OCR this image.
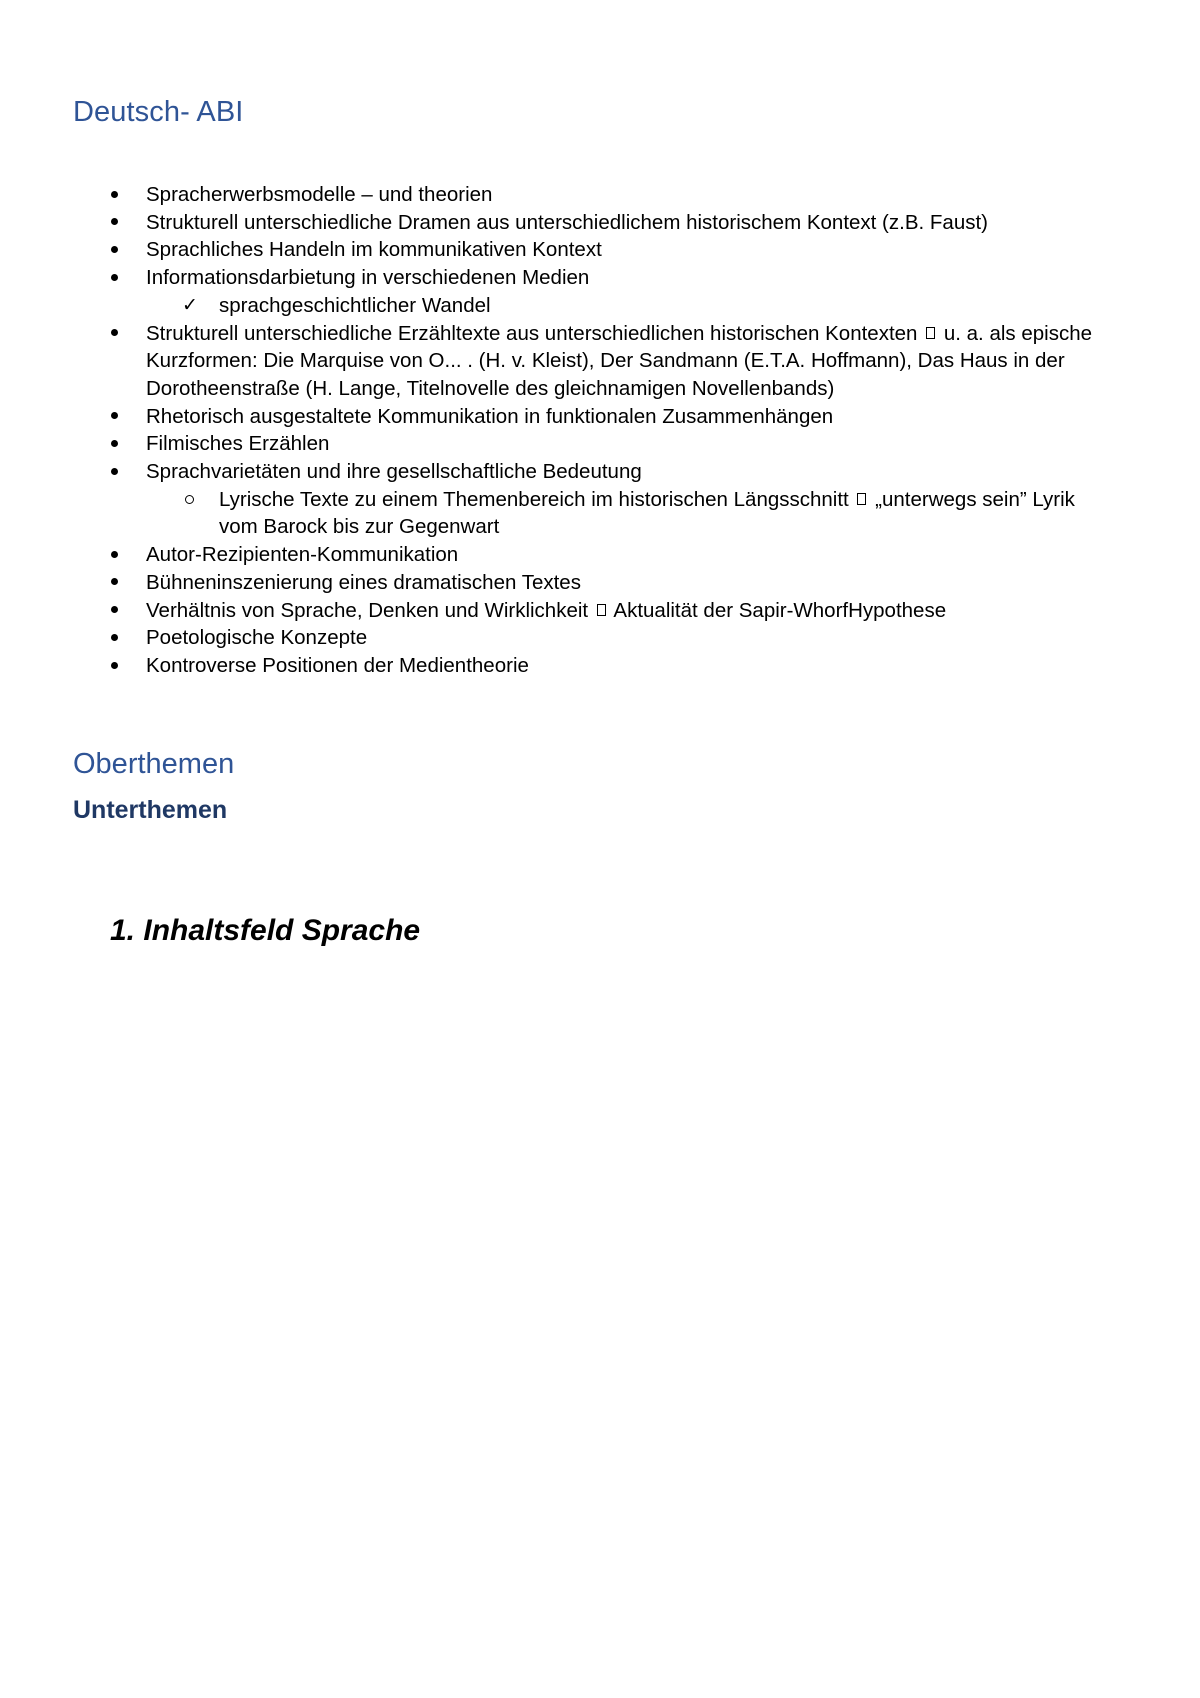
Deutsch- ABI
Spracherwerbsmodelle – und theorien
Strukturell unterschiedliche Dramen aus unterschiedlichem historischem Kontext (z.B. Faust)
Sprachliches Handeln im kommunikativen Kontext
Informationsdarbietung in verschiedenen Medien
✓ sprachgeschichtlicher Wandel
Strukturell unterschiedliche Erzähltexte aus unterschiedlichen historischen Kontexten u. a. als epische Kurzformen: Die Marquise von O... . (H. v. Kleist), Der Sandmann (E.T.A. Hoffmann), Das Haus in der Dorotheenstraße (H. Lange, Titelnovelle des gleichnamigen Novellenbands)
Rhetorisch ausgestaltete Kommunikation in funktionalen Zusammenhängen
Filmisches Erzählen
Sprachvarietäten und ihre gesellschaftliche Bedeutung
Lyrische Texte zu einem Themenbereich im historischen Längsschnitt „unterwegs sein” Lyrik vom Barock bis zur Gegenwart
Autor-Rezipienten-Kommunikation
Bühneninszenierung eines dramatischen Textes
Verhältnis von Sprache, Denken und Wirklichkeit Aktualität der Sapir-WhorfHypothese
Poetologische Konzepte
Kontroverse Positionen der Medientheorie
Oberthemen
Unterthemen
1. Inhaltsfeld Sprache
